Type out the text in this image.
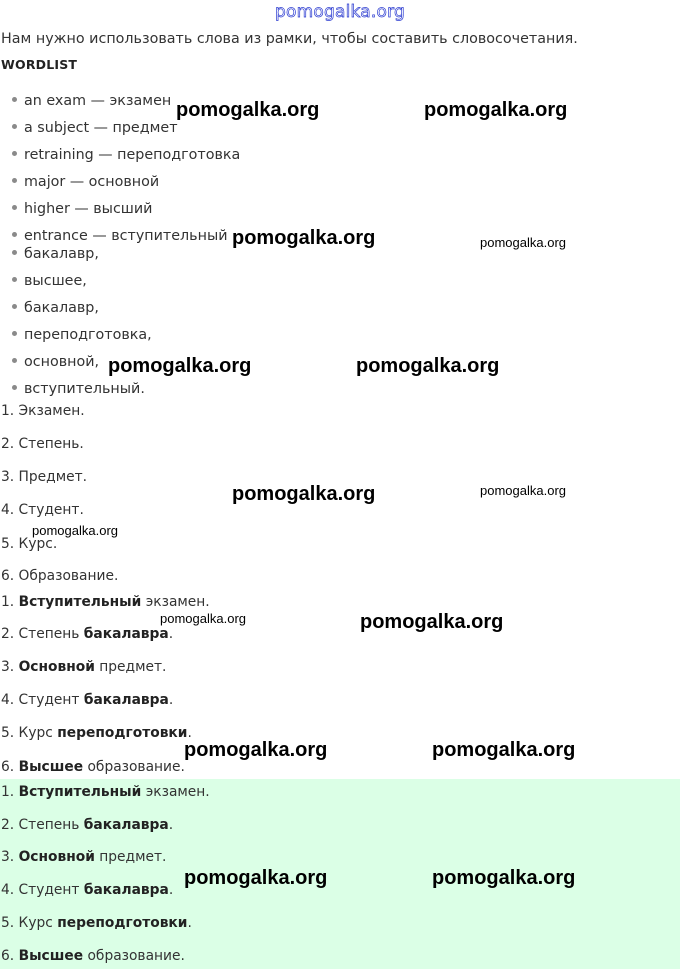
pomogalka.org
Нам нужно использовать слова из рамки, чтобы составить словосочетания.
WORDLIST
an exam — экзамен
a subject — предмет
retraining — переподготовка
major — основной
higher — высший
entrance — вступительный
бакалавр,
высшее,
бакалавр,
переподготовка,
основной,
вступительный.
1. Экзамен.
2. Степень.
3. Предмет.
4. Студент.
5. Курс.
6. Образование.
1. Вступительный экзамен.
2. Степень бакалавра.
3. Основной предмет.
4. Студент бакалавра.
5. Курс переподготовки.
6. Высшее образование.
1. Вступительный экзамен.
2. Степень бакалавра.
3. Основной предмет.
4. Студент бакалавра.
5. Курс переподготовки.
6. Высшее образование.
pomogalka.org	pomogalka.org
pomogalka.org	pomogalka.org
pomogalka.org	pomogalka.org
pomogalka.org	pomogalka.org
pomogalka.org
pomogalka.org	pomogalka.org
pomogalka.org	pomogalka.org
pomogalka.org	pomogalka.org
